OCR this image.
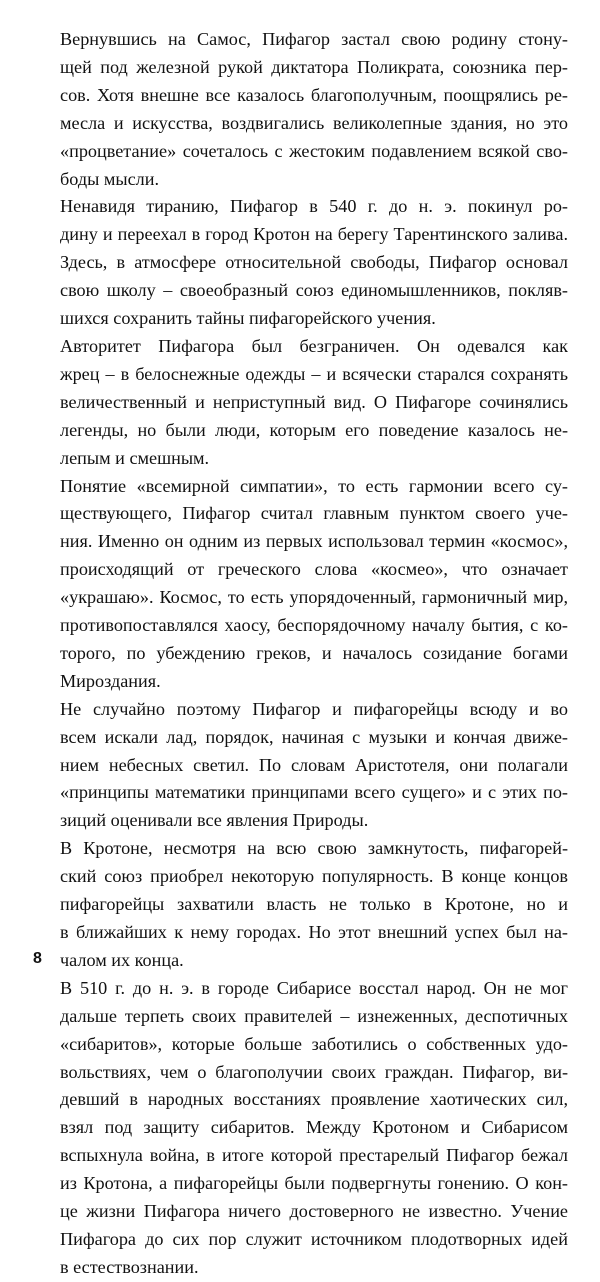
Вернувшись на Самос, Пифагор застал свою родину стону-
щей под железной рукой диктатора Поликрата, союзника пер-
сов. Хотя внешне все казалось благополучным, поощрялись ре-
месла и искусства, воздвигались великолепные здания, но это
«процветание» сочеталось с жестоким подавлением всякой сво-
боды мысли.

Ненавидя тиранию, Пифагор в 540 г. до н. э. покинул ро-
дину и переехал в город Кротон на берегу Тарентинского залива.
Здесь, в атмосфере относительной свободы, Пифагор основал
свою школу – своеобразный союз единомышленников, покляв-
шихся сохранить тайны пифагорейского учения.

Авторитет Пифагора был безграничен. Он одевался как
жрец – в белоснежные одежды – и всячески старался сохранять
величественный и неприступный вид. О Пифагоре сочинялись
легенды, но были люди, которым его поведение казалось не-
лепым и смешным.

Понятие «всемирной симпатии», то есть гармонии всего су-
ществующего, Пифагор считал главным пунктом своего уче-
ния. Именно он одним из первых использовал термин «космос»,
происходящий от греческого слова «космео», что означает
«украшаю». Космос, то есть упорядоченный, гармоничный мир,
противопоставлялся хаосу, беспорядочному началу бытия, с ко-
торого, по убеждению греков, и началось созидание богами
Мироздания.

Не случайно поэтому Пифагор и пифагорейцы всюду и во
всем искали лад, порядок, начиная с музыки и кончая движе-
нием небесных светил. По словам Аристотеля, они полагали
«принципы математики принципами всего сущего» и с этих по-
зиций оценивали все явления Природы.

В Кротоне, несмотря на всю свою замкнутость, пифагорей-
ский союз приобрел некоторую популярность. В конце концов
пифагорейцы захватили власть не только в Кротоне, но и
в ближайших к нему городах. Но этот внешний успех был на-
чалом их конца.

В 510 г. до н. э. в городе Сибарисе восстал народ. Он не мог
дальше терпеть своих правителей – изнеженных, деспотичных
«сибаритов», которые больше заботились о собственных удо-
вольствиях, чем о благополучии своих граждан. Пифагор, ви-
девший в народных восстаниях проявление хаотических сил,
взял под защиту сибаритов. Между Кротоном и Сибарисом
вспыхнула война, в итоге которой престарелый Пифагор бежал
из Кротона, а пифагорейцы были подвергнуты гонению. О кон-
це жизни Пифагора ничего достоверного не известно. Учение
Пифагора до сих пор служит источником плодотворных идей
в естествознании.

8
